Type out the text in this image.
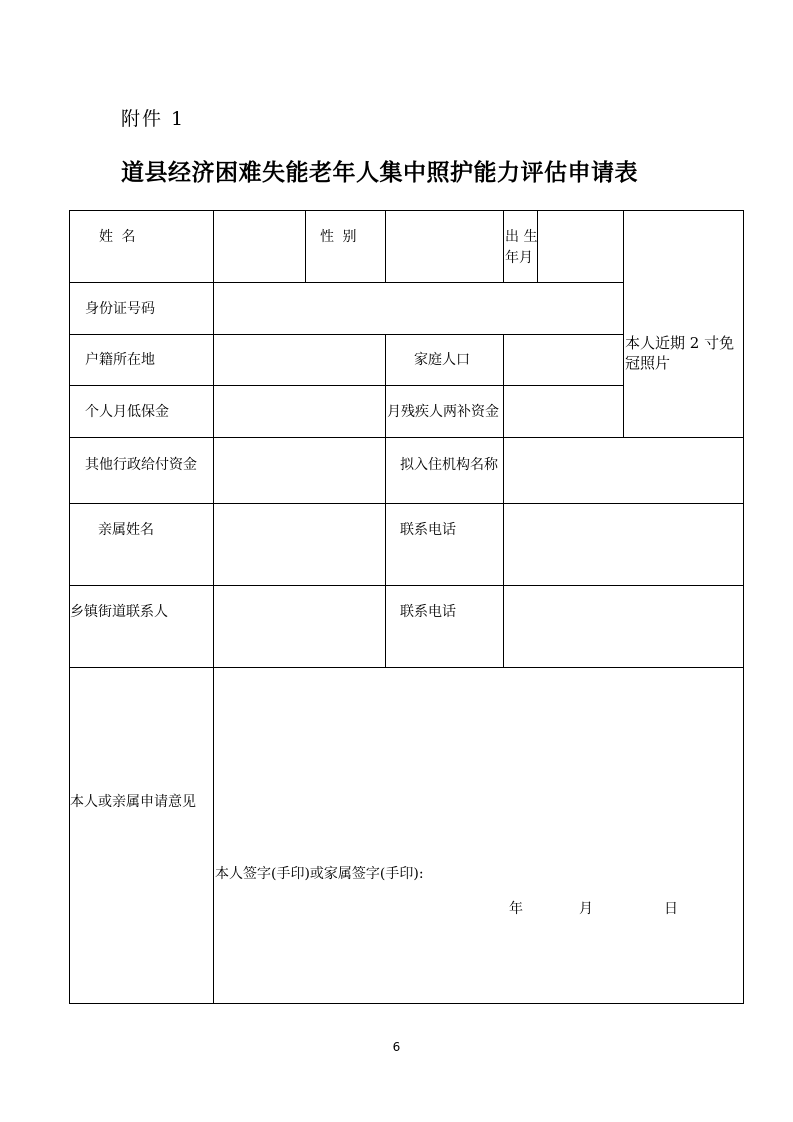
附件 1
道县经济困难失能老年人集中照护能力评估申请表
姓 名	性 别	出 生
年月
本人近期 2 寸免
冠照片
身份证号码
户籍所在地	家庭人口
个人月低保金	月残疾人两补资金
其他行政给付资金	拟入住机构名称
亲属姓名	联系电话
乡镇街道联系人	联系电话
本人或亲属申请意见
本人签字(手印)或家属签字(手印):
年	月	日
6
